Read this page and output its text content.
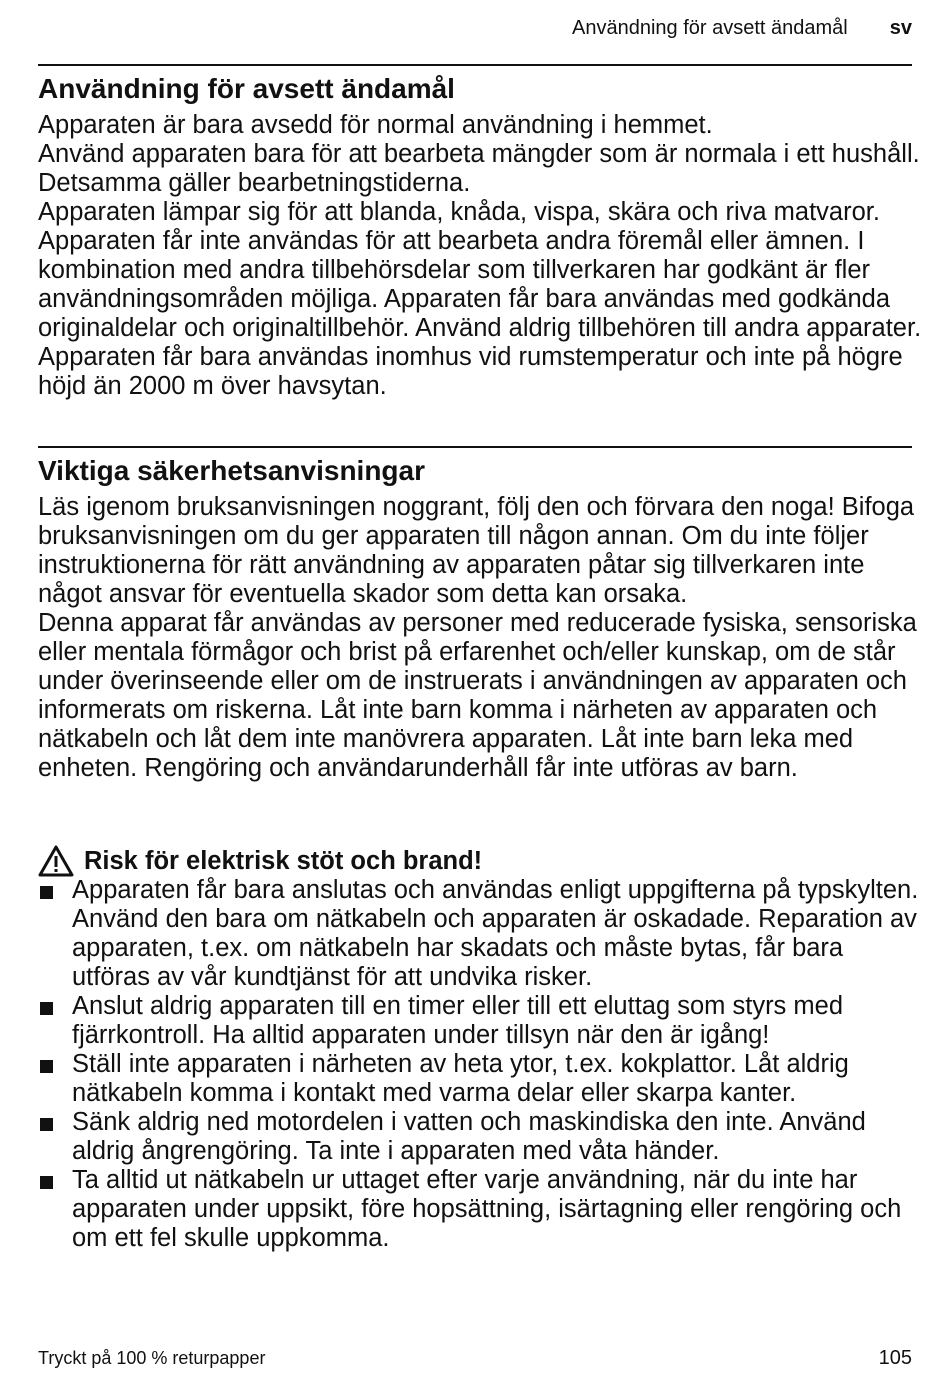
Användning för avsett ändamål sv
Användning för avsett ändamål

Apparaten är bara avsedd för normal användning i hemmet.

Använd apparaten bara för att bearbeta mängder som är normala i ett hushåll. Detsamma gäller bearbetningstiderna.

Apparaten lämpar sig för att blanda, knåda, vispa, skära och riva matvaror. Apparaten får inte användas för att bearbeta andra föremål eller ämnen. I kombination med andra tillbehörsdelar som tillverkaren har godkänt är fler användningsområden möjliga. Apparaten får bara användas med godkända originaldelar och originaltillbehör. Använd aldrig tillbehören till andra apparater.

Apparaten får bara användas inomhus vid rumstemperatur och inte på högre höjd än 2000 m över havsytan.

Viktiga säkerhetsanvisningar

Läs igenom bruksanvisningen noggrant, följ den och förvara den noga! Bifoga bruksanvisningen om du ger apparaten till någon annan. Om du inte följer instruktionerna för rätt användning av apparaten påtar sig tillverkaren inte något ansvar för eventuella skador som detta kan orsaka.

Denna apparat får användas av personer med reducerade fysiska, sensoriska eller mentala förmågor och brist på erfarenhet och/eller kunskap, om de står under överinseende eller om de instruerats i användningen av apparaten och informerats om riskerna. Låt inte barn komma i närheten av apparaten och nätkabeln och låt dem inte manövrera apparaten. Låt inte barn leka med enheten. Rengöring och användarunderhåll får inte utföras av barn.

Risk för elektrisk stöt och brand!
Apparaten får bara anslutas och användas enligt uppgifterna på typskylten. Använd den bara om nätkabeln och apparaten är oskadade. Reparation av apparaten, t.ex. om nätkabeln har skadats och måste bytas, får bara utföras av vår kundtjänst för att undvika risker.
Anslut aldrig apparaten till en timer eller till ett eluttag som styrs med fjärrkontroll. Ha alltid apparaten under tillsyn när den är igång!
Ställ inte apparaten i närheten av heta ytor, t.ex. kokplattor. Låt aldrig nätkabeln komma i kontakt med varma delar eller skarpa kanter.
Sänk aldrig ned motordelen i vatten och maskindiska den inte. Använd aldrig ångrengöring. Ta inte i apparaten med våta händer.
Ta alltid ut nätkabeln ur uttaget efter varje användning, när du inte har apparaten under uppsikt, före hopsättning, isärtagning eller rengöring och om ett fel skulle uppkomma.
Tryckt på 100 % returpapper	105
